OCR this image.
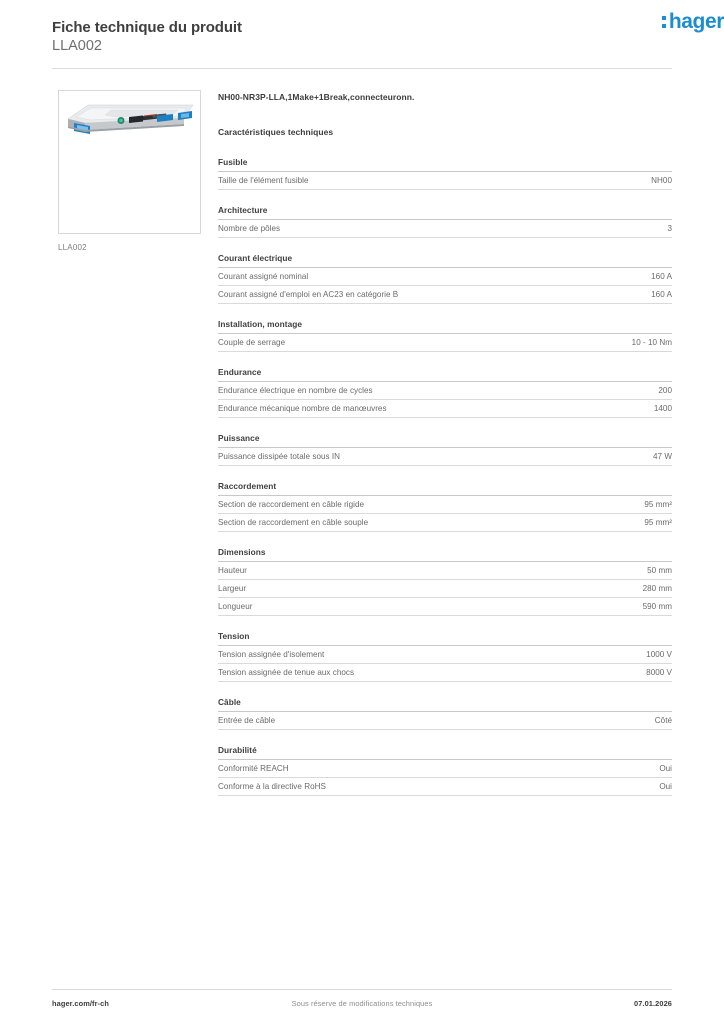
Fiche technique du produit
LLA002
hager
LLA002
NH00-NR3P-LLA,1Make+1Break,connecteuronn.
Caractéristiques techniques
Fusible
Taille de l'élément fusible	NH00
Architecture
Nombre de pôles	3
Courant électrique
Courant assigné nominal	160 A
Courant assigné d'emploi en AC23 en catégorie B	160 A
Installation, montage
Couple de serrage	10 - 10 Nm
Endurance
Endurance électrique en nombre de cycles	200
Endurance mécanique nombre de manœuvres	1400
Puissance
Puissance dissipée totale sous IN	47 W
Raccordement
Section de raccordement en câble rigide	95 mm²
Section de raccordement en câble souple	95 mm²
Dimensions
Hauteur	50 mm
Largeur	280 mm
Longueur	590 mm
Tension
Tension assignée d'isolement	1000 V
Tension assignée de tenue aux chocs	8000 V
Câble
Entrée de câble	Côté
Durabilité
Conformité REACH	Oui
Conforme à la directive RoHS	Oui
Sous réserve de modifications techniques
hager.com/fr-ch	07.01.2026
